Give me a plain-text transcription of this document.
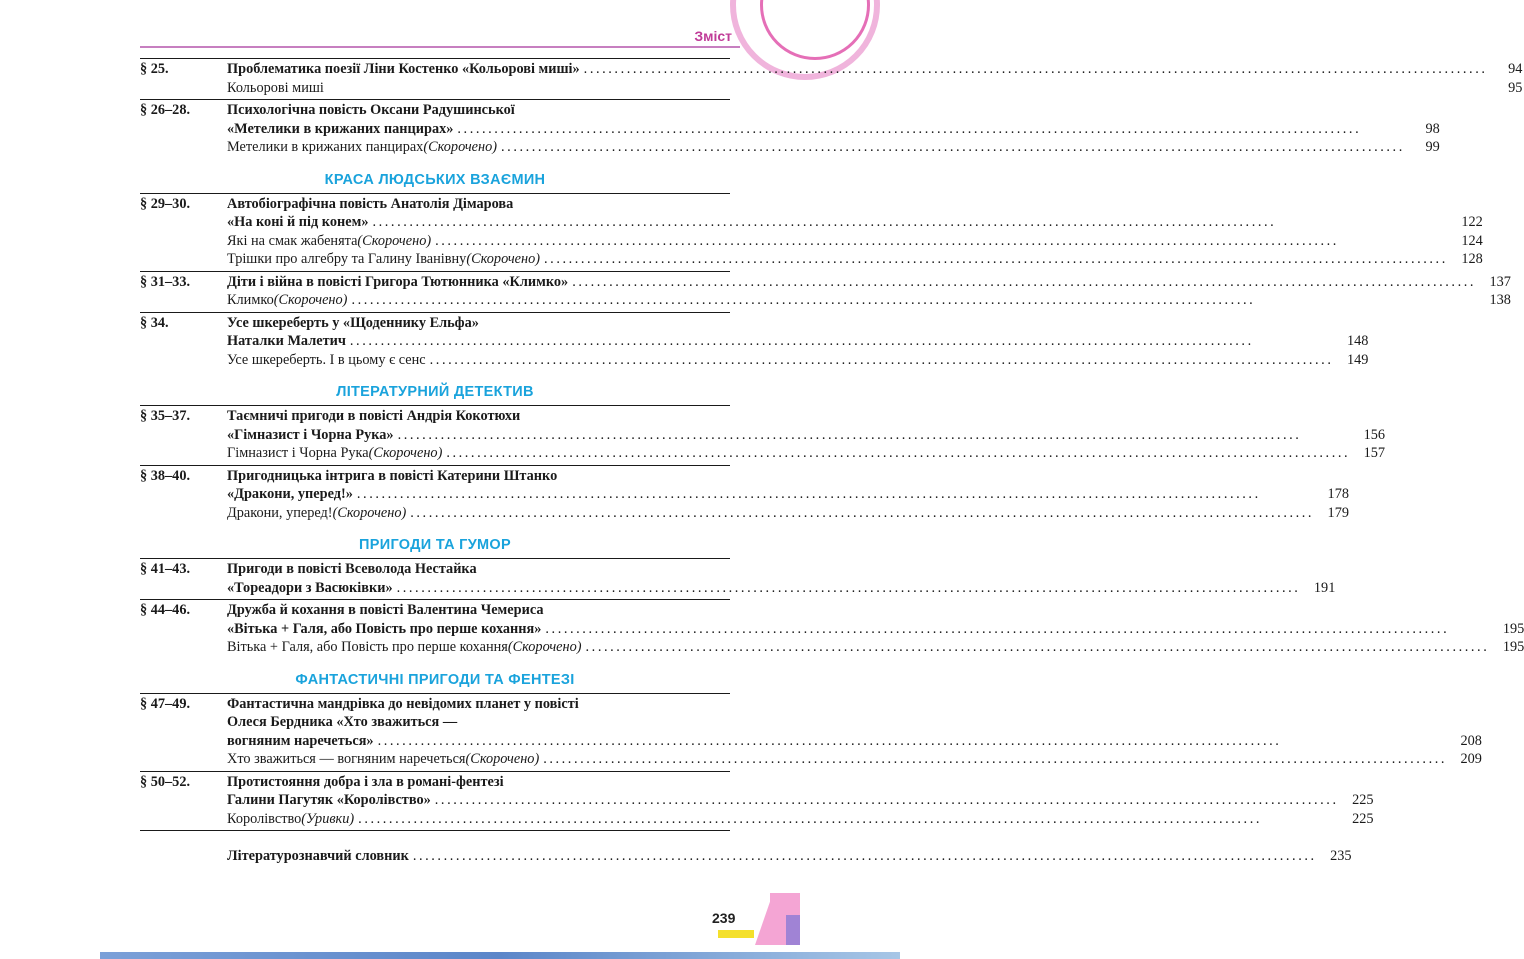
Зміст
§ 25.	Проблематика поезії Ліни Костенко «Кольорові миші» . . .	94
Кольорові миші	95
§ 26–28.	Психологічна повість Оксани Радушинської
«Метелики в крижаних панцирах» . . .	98
Метелики в крижаних панцирах (Скорочено) . . .	99
КРАСА ЛЮДСЬКИХ ВЗАЄМИН
§ 29–30.	Автобіографічна повість Анатолія Дімарова
«На коні й під конем» . . .	122
Які на смак жабенята (Скорочено) . . .	124
Трішки про алгебру та Галину Іванівну (Скорочено) . . .	128
§ 31–33.	Діти і війна в повісті Григора Тютюнника «Климко» . . .	137
Климко (Скорочено) . . .	138
§ 34.	Усе шкереберть у «Щоденнику Ельфа»
Наталки Малетич . . .	148
Усе шкереберть. І в цьому є сенс . . .	149
ЛІТЕРАТУРНИЙ ДЕТЕКТИВ
§ 35–37.	Таємничі пригоди в повісті Андрія Кокотюхи
«Гімназист і Чорна Рука» . . .	156
Гімназист і Чорна Рука (Скорочено) . . .	157
§ 38–40.	Пригодницька інтрига в повісті Катерини Штанко
«Дракони, уперед!» . . .	178
Дракони, уперед! (Скорочено) . . .	179
ПРИГОДИ ТА ГУМОР
§ 41–43.	Пригоди в повісті Всеволода Нестайка
«Тореадори з Васюківки» . . .	191
§ 44–46.	Дружба й кохання в повісті Валентина Чемериса
«Вітька + Галя, або Повість про перше кохання» . . .	195
Вітька + Галя, або Повість про перше кохання (Скорочено) . . .	195
ФАНТАСТИЧНІ ПРИГОДИ ТА ФЕНТЕЗІ
§ 47–49.	Фантастична мандрівка до невідомих планет у повісті
Олеся Бердника «Хто зважиться —
вогняним наречеться» . . .	208
Хто зважиться — вогняним наречеться (Скорочено) . . .	209
§ 50–52.	Протистояння добра і зла в романі-фентезі
Галини Пагутяк «Королівство» . . .	225
Королівство (Уривки) . . .	225
Літературознавчий словник . . .	235
239
